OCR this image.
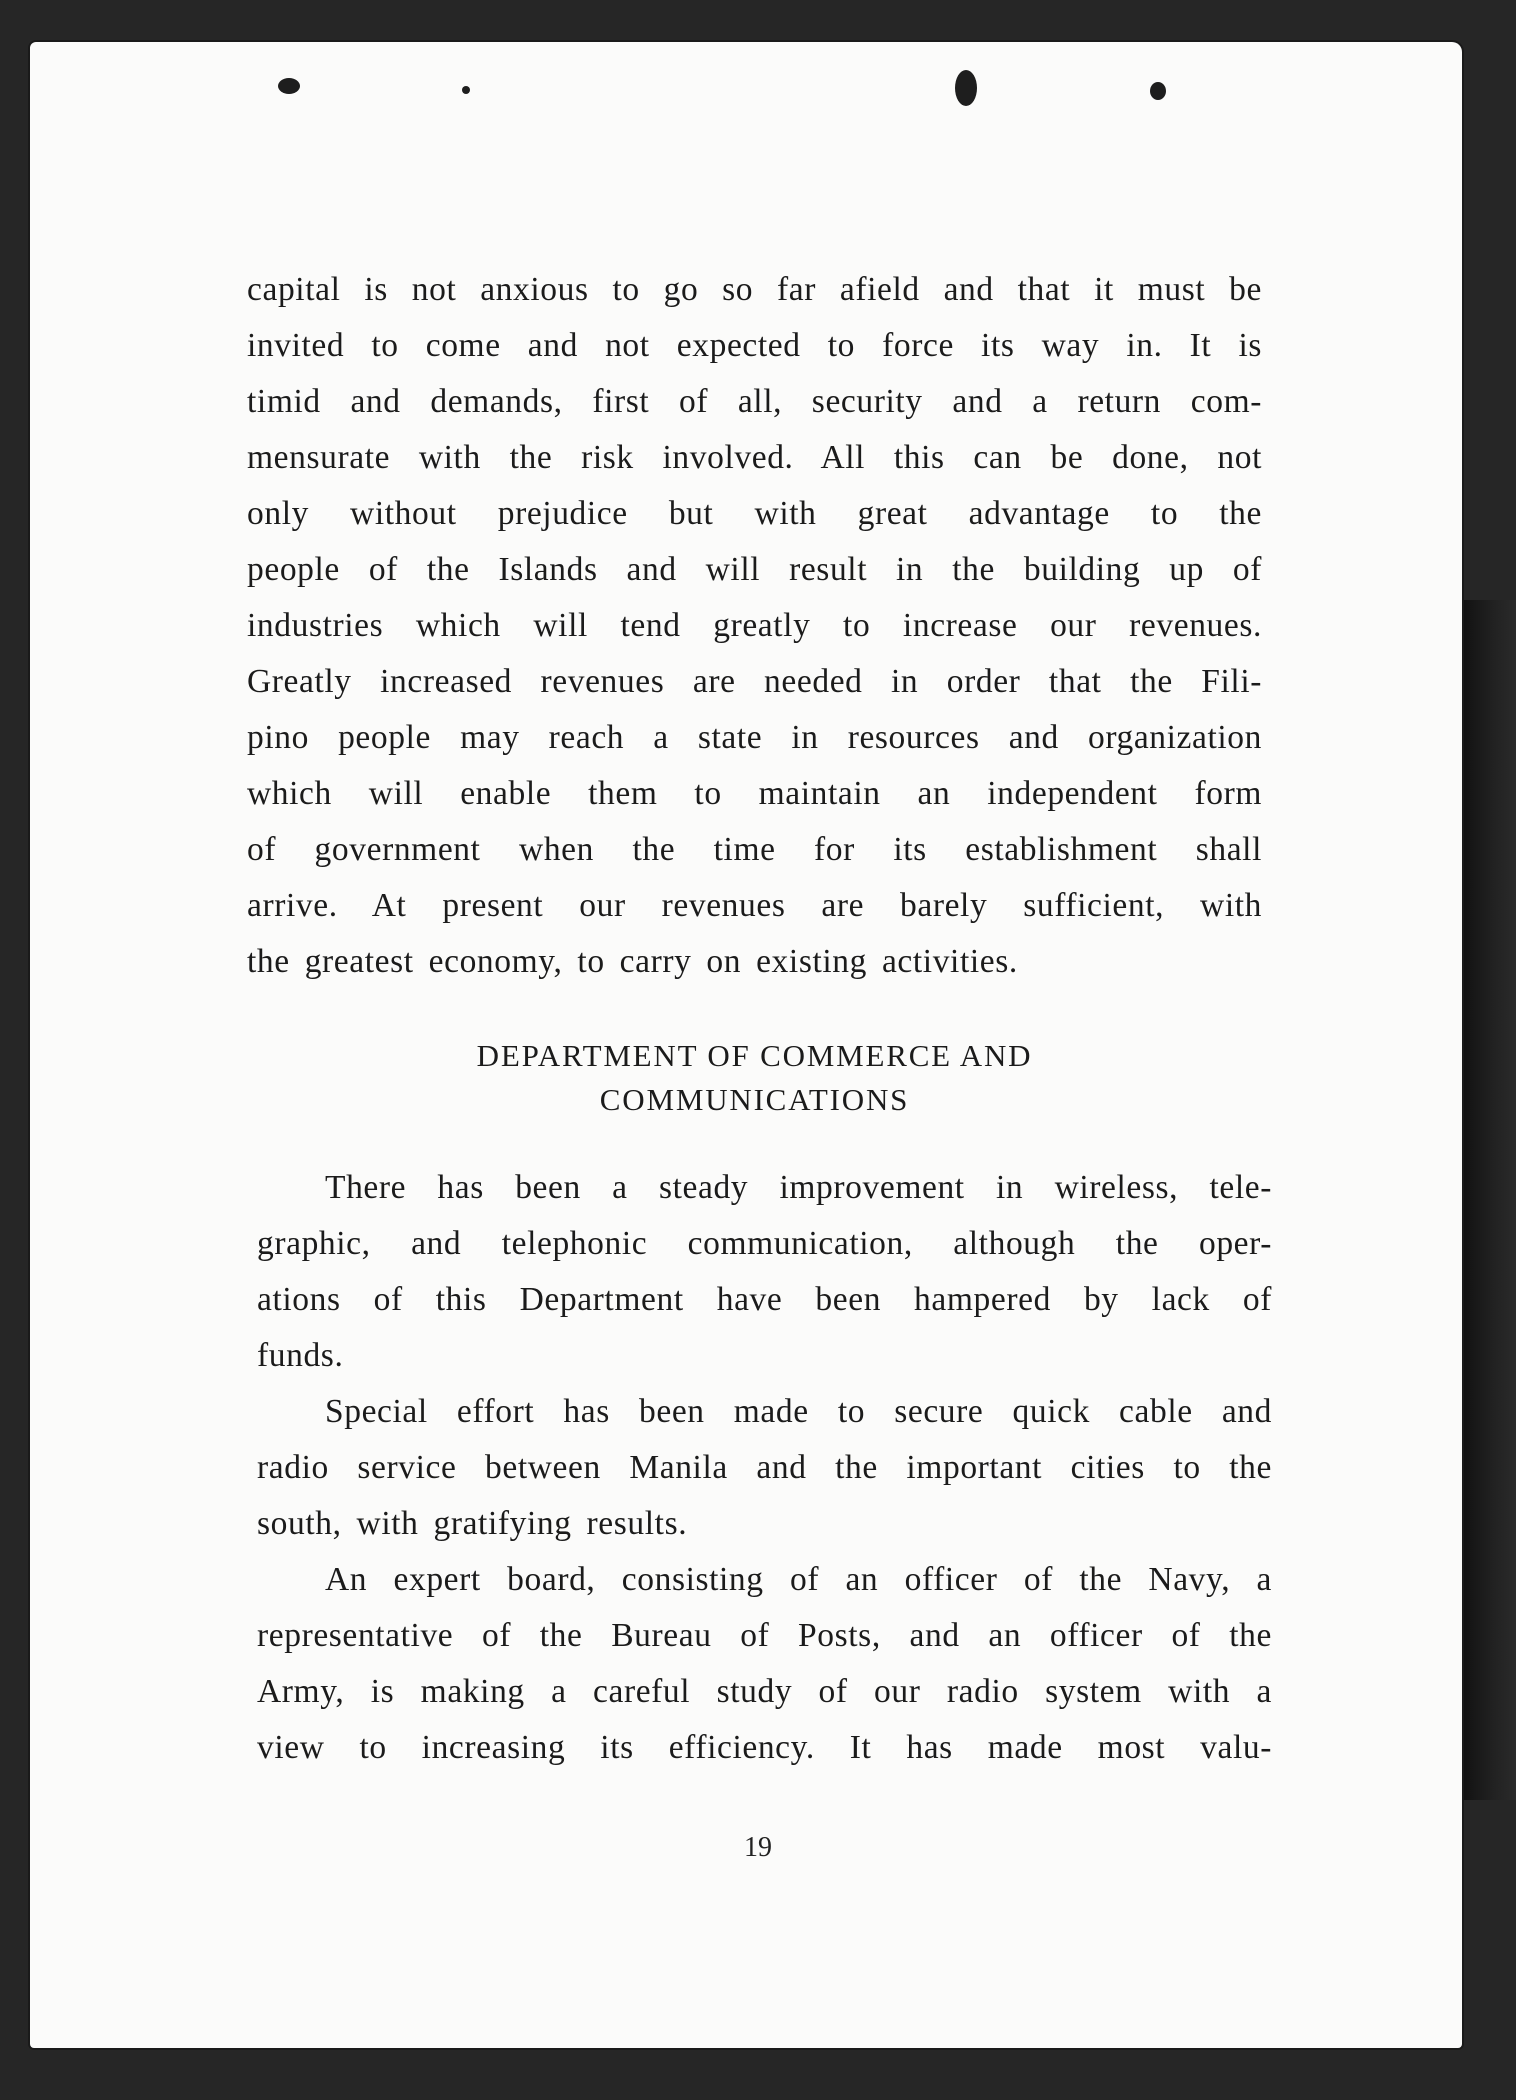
capital is not anxious to go so far afield and that it must be
invited to come and not expected to force its way in. It is
timid and demands, first of all, security and a return com-
mensurate with the risk involved. All this can be done, not
only without prejudice but with great advantage to the
people of the Islands and will result in the building up of
industries which will tend greatly to increase our revenues.
Greatly increased revenues are needed in order that the Fili-
pino people may reach a state in resources and organization
which will enable them to maintain an independent form
of government when the time for its establishment shall
arrive. At present our revenues are barely sufficient, with
the greatest economy, to carry on existing activities.
DEPARTMENT OF COMMERCE AND
COMMUNICATIONS
There has been a steady improvement in wireless, tele-
graphic, and telephonic communication, although the oper-
ations of this Department have been hampered by lack of
funds.
Special effort has been made to secure quick cable and
radio service between Manila and the important cities to the
south, with gratifying results.
An expert board, consisting of an officer of the Navy, a
representative of the Bureau of Posts, and an officer of the
Army, is making a careful study of our radio system with a
view to increasing its efficiency. It has made most valu-
19
